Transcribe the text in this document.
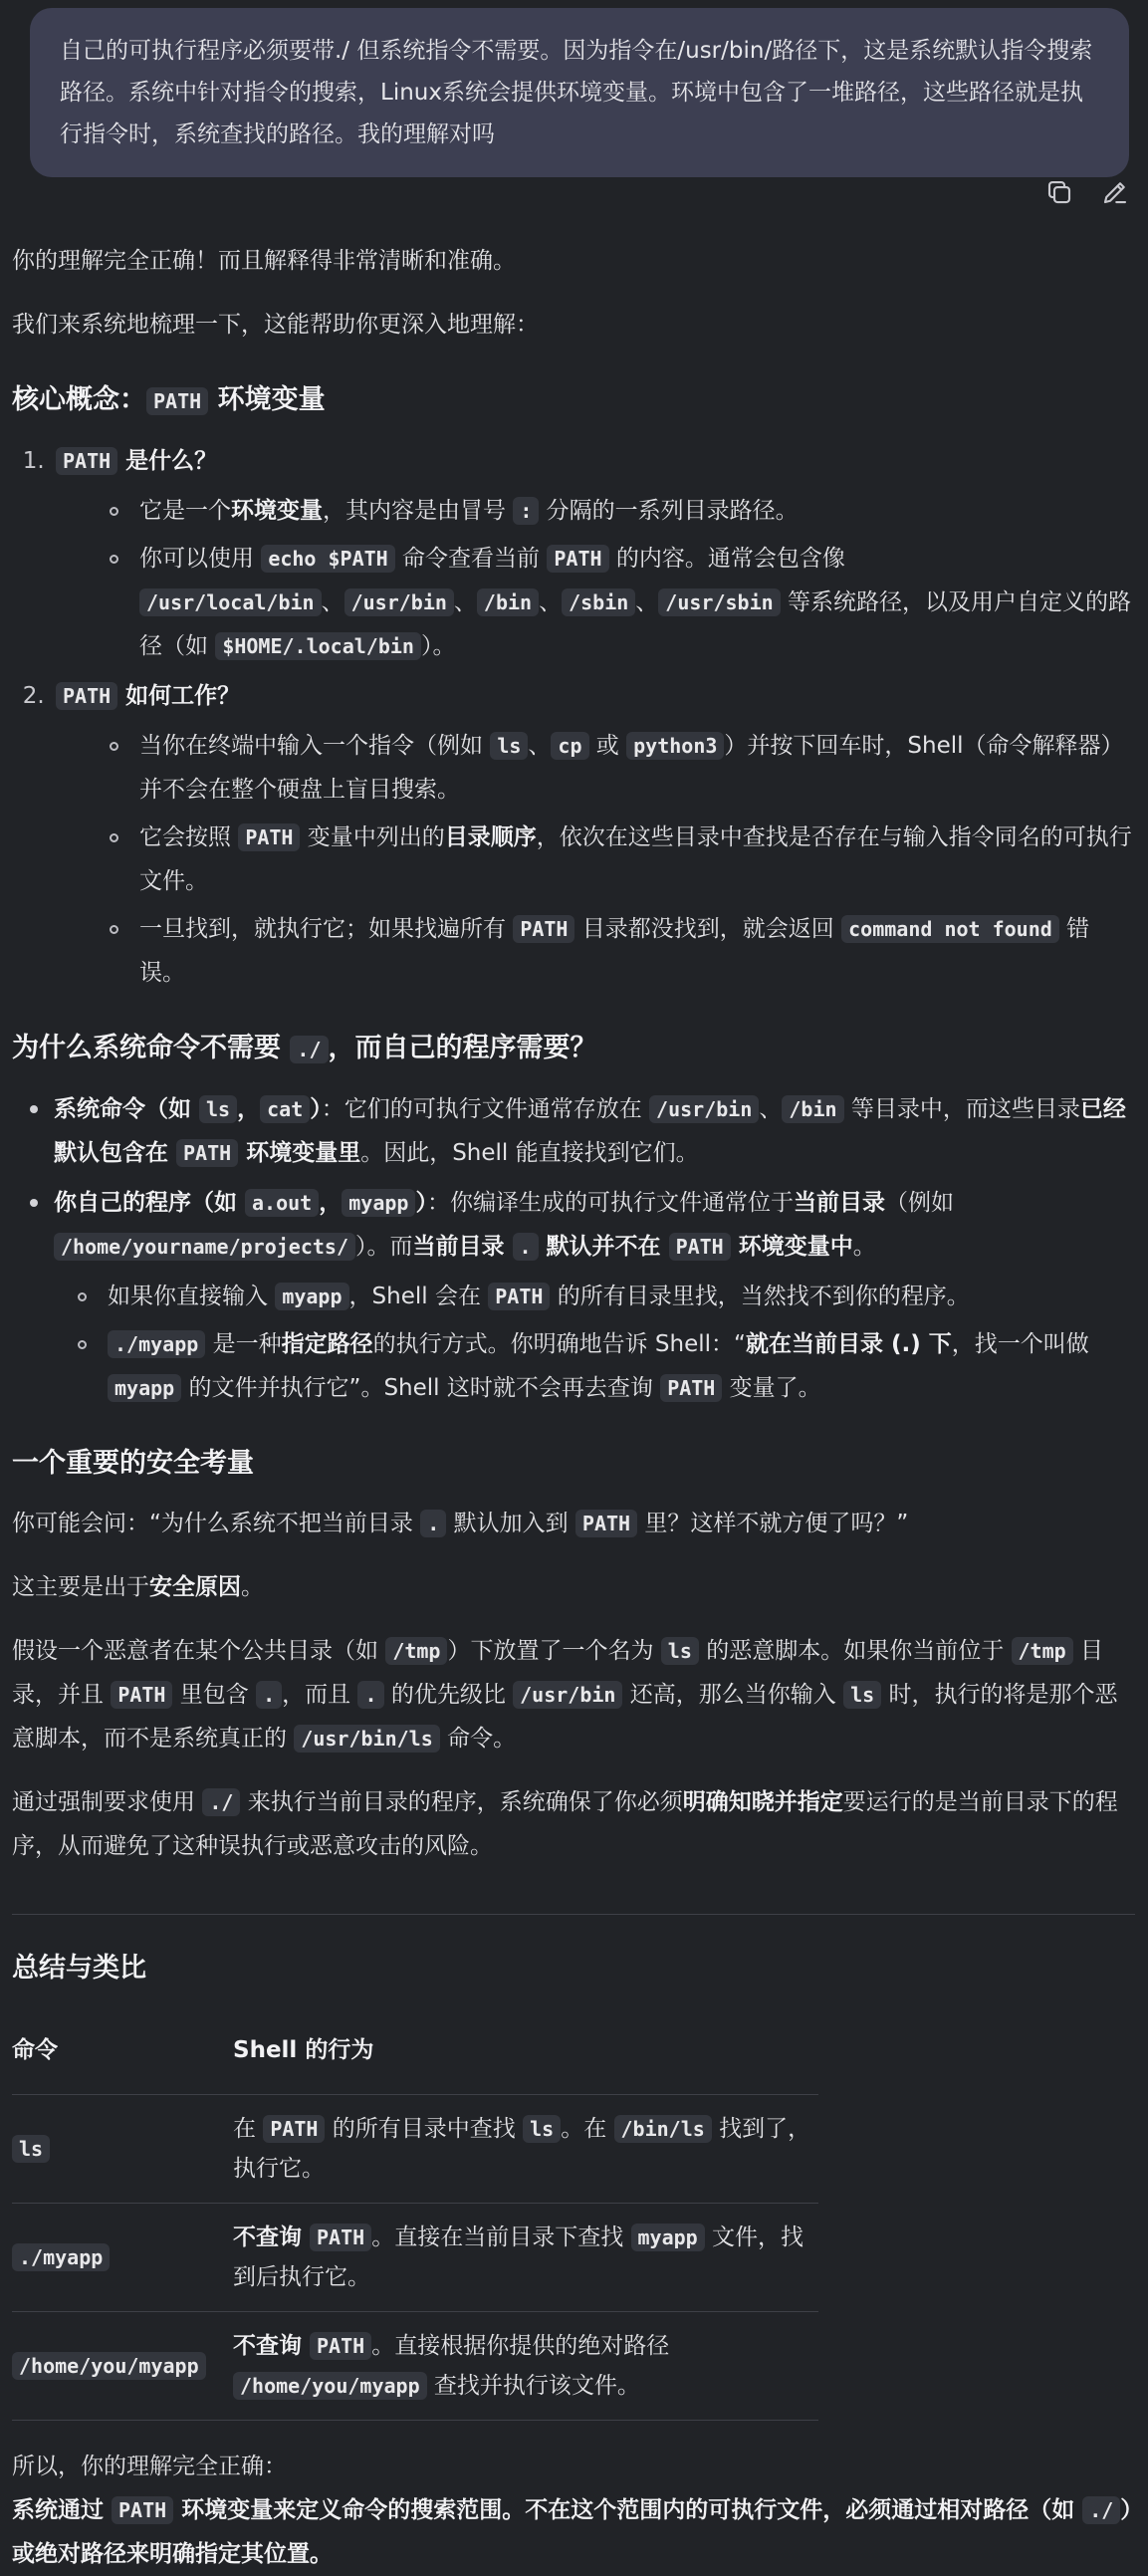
自己的可执行程序必须要带./ 但系统指令不需要。因为指令在/usr/bin/路径下，这是系统默认指令搜索路径。系统中针对指令的搜索，Linux系统会提供环境变量。环境中包含了一堆路径，这些路径就是执行指令时，系统查找的路径。我的理解对吗

你的理解完全正确！而且解释得非常清晰和准确。

我们来系统地梳理一下，这能帮助你更深入地理解：

核心概念： PATH 环境变量
1. PATH 是什么？
它是一个环境变量，其内容是由冒号 : 分隔的一系列目录路径。
你可以使用 echo $PATH 命令查看当前 PATH 的内容。通常会包含像 /usr/local/bin 、 /usr/bin 、 /bin 、 /sbin 、 /usr/sbin 等系统路径，以及用户自定义的路径（如 $HOME/.local/bin ）。
2. PATH 如何工作？
当你在终端中输入一个指令（例如 ls 、 cp 或 python3 ）并按下回车时，Shell（命令解释器）并不会在整个硬盘上盲目搜索。
它会按照 PATH 变量中列出的目录顺序，依次在这些目录中查找是否存在与输入指令同名的可执行文件。
一旦找到，就执行它；如果找遍所有 PATH 目录都没找到，就会返回 command not found 错误。
为什么系统命令不需要 ./ ，而自己的程序需要？
系统命令（如 ls ， cat ）：它们的可执行文件通常存放在 /usr/bin 、 /bin 等目录中，而这些目录已经默认包含在 PATH 环境变量里。因此，Shell 能直接找到它们。
你自己的程序（如 a.out ， myapp ）：你编译生成的可执行文件通常位于当前目录（例如 /home/yourname/projects/ ）。而当前目录 . 默认并不在 PATH 环境变量中。
如果你直接输入 myapp ，Shell 会在 PATH 的所有目录里找，当然找不到你的程序。
./myapp 是一种指定路径的执行方式。你明确地告诉 Shell：“就在当前目录 (.) 下，找一个叫做 myapp 的文件并执行它”。Shell 这时就不会再去查询 PATH 变量了。
一个重要的安全考量

你可能会问：“为什么系统不把当前目录 . 默认加入到 PATH 里？这样不就方便了吗？”

这主要是出于安全原因。

假设一个恶意者在某个公共目录（如 /tmp ）下放置了一个名为 ls 的恶意脚本。如果你当前位于 /tmp 目录，并且 PATH 里包含 . ，而且 . 的优先级比 /usr/bin 还高，那么当你输入 ls 时，执行的将是那个恶意脚本，而不是系统真正的 /usr/bin/ls 命令。

通过强制要求使用 ./ 来执行当前目录的程序，系统确保了你必须明确知晓并指定要运行的是当前目录下的程序，从而避免了这种误执行或恶意攻击的风险。

总结与类比
命令	Shell 的行为
ls	在 PATH 的所有目录中查找 ls 。在 /bin/ls 找到了，执行它。
./myapp	不查询 PATH 。直接在当前目录下查找 myapp 文件，找到后执行它。
/home/you/myapp	不查询 PATH 。直接根据你提供的绝对路径 /home/you/myapp 查找并执行该文件。

所以，你的理解完全正确：

系统通过 PATH 环境变量来定义命令的搜索范围。不在这个范围内的可执行文件，必须通过相对路径（如 ./ ）或绝对路径来明确指定其位置。
